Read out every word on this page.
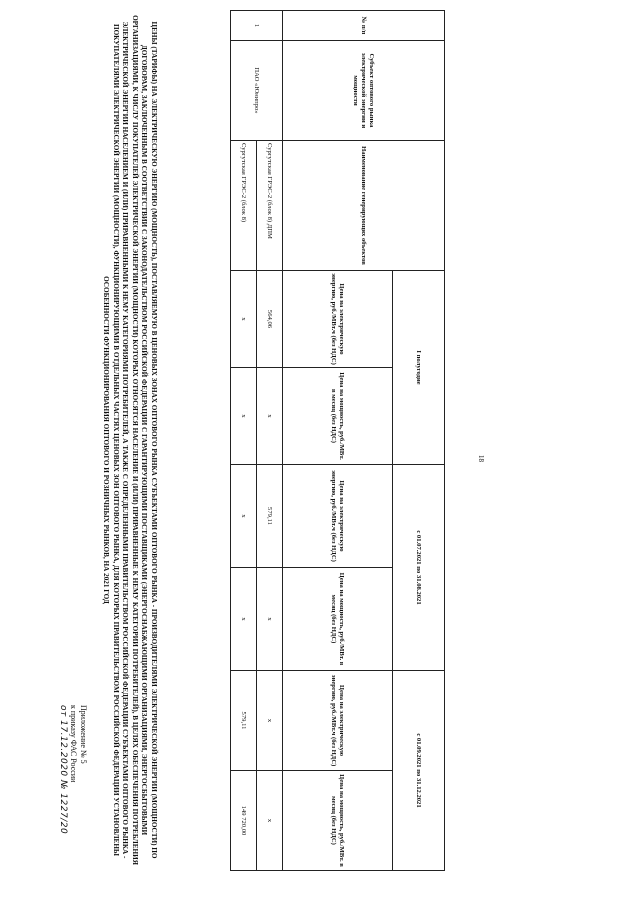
Приложение № 5
к приказу ФАС России
от 17.12.2020 № 1227/20
18
ЦЕНЫ (ТАРИФЫ) НА ЭЛЕКТРИЧЕСКУЮ ЭНЕРГИЮ (МОЩНОСТЬ), ПОСТАВЛЯЕМУЮ В ЦЕНОВЫХ ЗОНАХ ОПТОВОГО РЫНКА СУБЪЕКТАМИ ОПТОВОГО РЫНКА - ПРОИЗВОДИТЕЛЯМИ ЭЛЕКТРИЧЕСКОЙ ЭНЕРГИИ (МОЩНОСТИ) ПО ДОГОВОРАМ, ЗАКЛЮЧЕННЫМ В СООТВЕТСТВИИ С ЗАКОНОДАТЕЛЬСТВОМ РОССИЙСКОЙ ФЕДЕРАЦИИ С ГАРАНТИРУЮЩИМИ ПОСТАВЩИКАМИ (ЭНЕРГОСНАБЖАЮЩИМИ ОРГАНИЗАЦИЯМИ, ЭНЕРГОСБЫТОВЫМИ ОРГАНИЗАЦИЯМИ, К ЧИСЛУ ПОКУПАТЕЛЕЙ ЭЛЕКТРИЧЕСКОЙ ЭНЕРГИИ (МОЩНОСТИ) КОТОРЫХ ОТНОСЯТСЯ НАСЕЛЕНИЕ И (ИЛИ) ПРИРАВНЕННЫЕ К НЕМУ КАТЕГОРИИ ПОТРЕБИТЕЛЕЙ), В ЦЕЛЯХ ОБЕСПЕЧЕНИЯ ПОТРЕБЛЕНИЯ ЭЛЕКТРИЧЕСКОЙ ЭНЕРГИИ НАСЕЛЕНИЕМ И (ИЛИ) ПРИРАВНЕННЫМИ К НЕМУ КАТЕГОРИЯМИ ПОТРЕБИТЕЛЕЙ, А ТАКЖЕ С ОПРЕДЕЛЕННЫМИ ПРАВИТЕЛЬСТВОМ РОССИЙСКОЙ ФЕДЕРАЦИИ СУБЪЕКТАМИ ОПТОВОГО РЫНКА - ПОКУПАТЕЛЯМИ ЭЛЕКТРИЧЕСКОЙ ЭНЕРГИИ (МОЩНОСТИ), ФУНКЦИОНИРУЮЩИМИ В ОТДЕЛЬНЫХ ЧАСТЯХ ЦЕНОВЫХ ЗОН ОПТОВОГО РЫНКА, ДЛЯ КОТОРЫХ ПРАВИТЕЛЬСТВОМ РОССИЙСКОЙ ФЕДЕРАЦИИ УСТАНОВЛЕНЫ ОСОБЕННОСТИ ФУНКЦИОНИРОВАНИЯ ОПТОВОГО И РОЗНИЧНЫХ РЫНКОВ, НА 2021 ГОД
№ п/п	Субъект оптового рынка электрической энергии и мощности	Наименование генерирующих объектов	I полугодие		с 01.07.2021 по 31.08.2021		с 01.09.2021 по 31.12.2021	
			Цена на электрическую энергию, руб./МВт.ч (без НДС)	Цена на мощность, руб./МВт. в месяц (без НДС)	Цена на электрическую энергию, руб./МВт.ч (без НДС)	Цена на мощность, руб./МВт. в месяц (без НДС)	Цена на электрическую энергию, руб./МВт.ч (без НДС)	Цена на мощность, руб./МВт. в месяц (без НДС)
1	ПАО «Юнипро»	Сургутская ГРЭС-2 (блок 8) ДПМ	564,06	x	579,11	x	x	x
		Сургутская ГРЭС-2 (блок 8)	x	x	x	x	579,11	149 720,00
